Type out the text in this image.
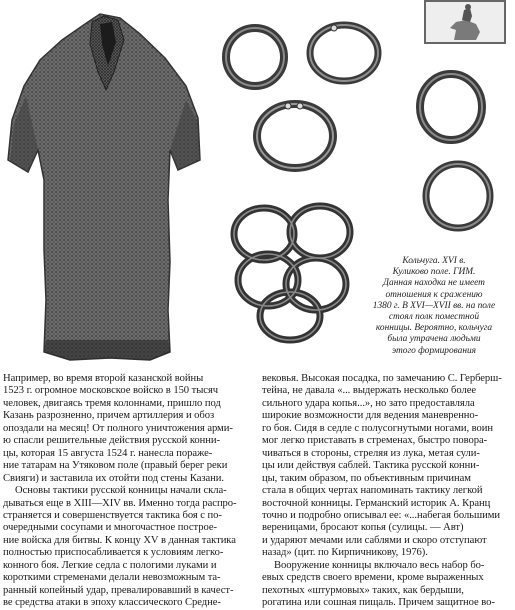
Кольчуга. XVI в.
Куликово поле. ГИМ.
Данная находка не имеет
отношения к сражению
1380 г. В XVI—XVII вв. на поле
стоял полк поместной
конницы. Вероятно, кольчуга
была утрачена людьми
этого формирования
Например, во время второй казанской войны
1523 г. огромное московское войско в 150 тысяч
человек, двигаясь тремя колоннами, пришло под
Казань разрозненно, причем артиллерия и обоз
опоздали на месяц! От полного уничтожения арми-
ю спасли решительные действия русской конни-
цы, которая 15 августа 1524 г. нанесла пораже-
ние татарам на Утяковом поле (правый берег реки
Свияги) и заставила их отойти под стены Казани.
Основы тактики русской конницы начали скла-
дываться еще в XIII—XIV вв. Именно тогда распро-
страняется и совершенствуется тактика боя с по-
очередными сосупами и многочастное построе-
ние войска для битвы. К концу XV в данная тактика
полностью приспосабливается к условиям легко-
конного боя. Легкие седла с пологими луками и
короткими стременами делали невозможным та-
ранный копейный удар, превалировавший в качест-
ве средства атаки в эпоху классического Средне-
вековья. Высокая посадка, по замечанию С. Герберш-
тейна, не давала «... выдержать несколько более
сильного удара копья...», но зато предоставляла
широкие возможности для ведения маневренно-
го боя. Сидя в седле с полусогнутыми ногами, воин
мог легко приставать в стременах, быстро повора-
чиваться в стороны, стреляя из лука, метая сули-
цы или действуя саблей. Тактика русской конни-
цы, таким образом, по объективным причинам
стала в общих чертах напоминать тактику легкой
восточной конницы. Германский историк А. Кранц
точно и подробно описывал ее: «...набегая большими
вереницами, бросают копья (сулицы. — Авт)
и ударяют мечами или саблями и скоро отступают
назад» (цит. по Кирпичникову, 1976).
Вооружение конницы включало весь набор бо-
евых средств своего времени, кроме выраженных
пехотных «штурмовых» таких, как бердыши,
рогатина или сошная пищаль. Причем защитное во-
